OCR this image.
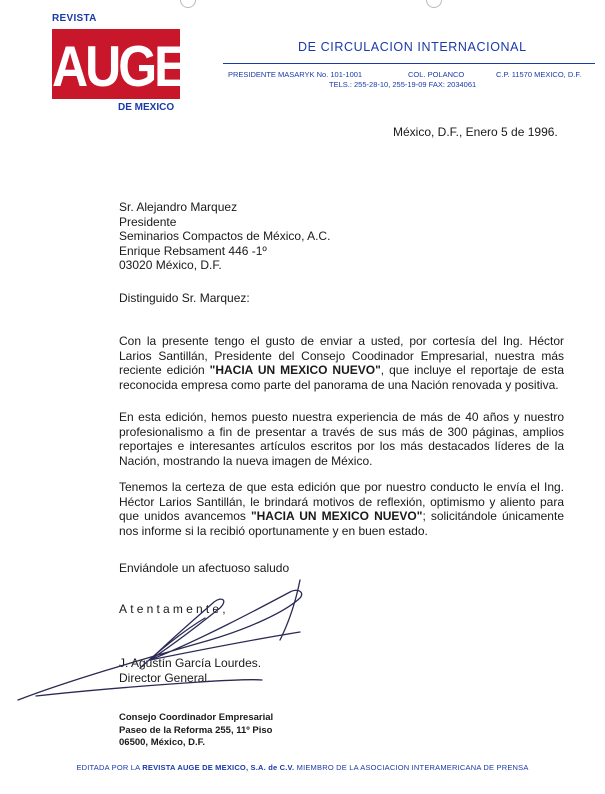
REVISTA
AUGE
DE MEXICO
DE CIRCULACION INTERNACIONAL
PRESIDENTE MASARYK No. 101-1001	COL. POLANCO	C.P. 11570 MEXICO, D.F.
TELS.: 255-28-10, 255-19-09 FAX: 2034061
México, D.F., Enero 5 de 1996.
Sr. Alejandro Marquez
Presidente
Seminarios Compactos de México, A.C.
Enrique Rebsament 446 -1º
03020 México, D.F.
Distinguido Sr. Marquez:
Con la presente tengo el gusto de enviar a usted, por cortesía del Ing. Héctor Larios Santillán, Presidente del Consejo Coodinador Empresarial, nuestra más reciente edición "HACIA UN MEXICO NUEVO", que incluye el reportaje de esta reconocida empresa como parte del panorama de una Nación renovada y positiva.
En esta edición, hemos puesto nuestra experiencia de más de 40 años y nuestro profesionalismo a fin de presentar a través de sus más de 300 páginas, amplios reportajes e interesantes artículos escritos por los más destacados líderes de la Nación, mostrando la nueva imagen de México.
Tenemos la certeza de que esta edición que por nuestro conducto le envía el Ing. Héctor Larios Santillán, le brindará motivos de reflexión, optimismo y aliento para que unidos avancemos "HACIA UN MEXICO NUEVO"; solicitándole únicamente nos informe si la recibió oportunamente y en buen estado.
Enviándole un afectuoso saludo
Atentamente,
J. Agustín García Lourdes.
Director General.
Consejo Coordinador Empresarial
Paseo de la Reforma 255, 11º Piso
06500, México, D.F.
EDITADA POR LA REVISTA AUGE DE MEXICO, S.A. de C.V. MIEMBRO DE LA ASOCIACION INTERAMERICANA DE PRENSA
